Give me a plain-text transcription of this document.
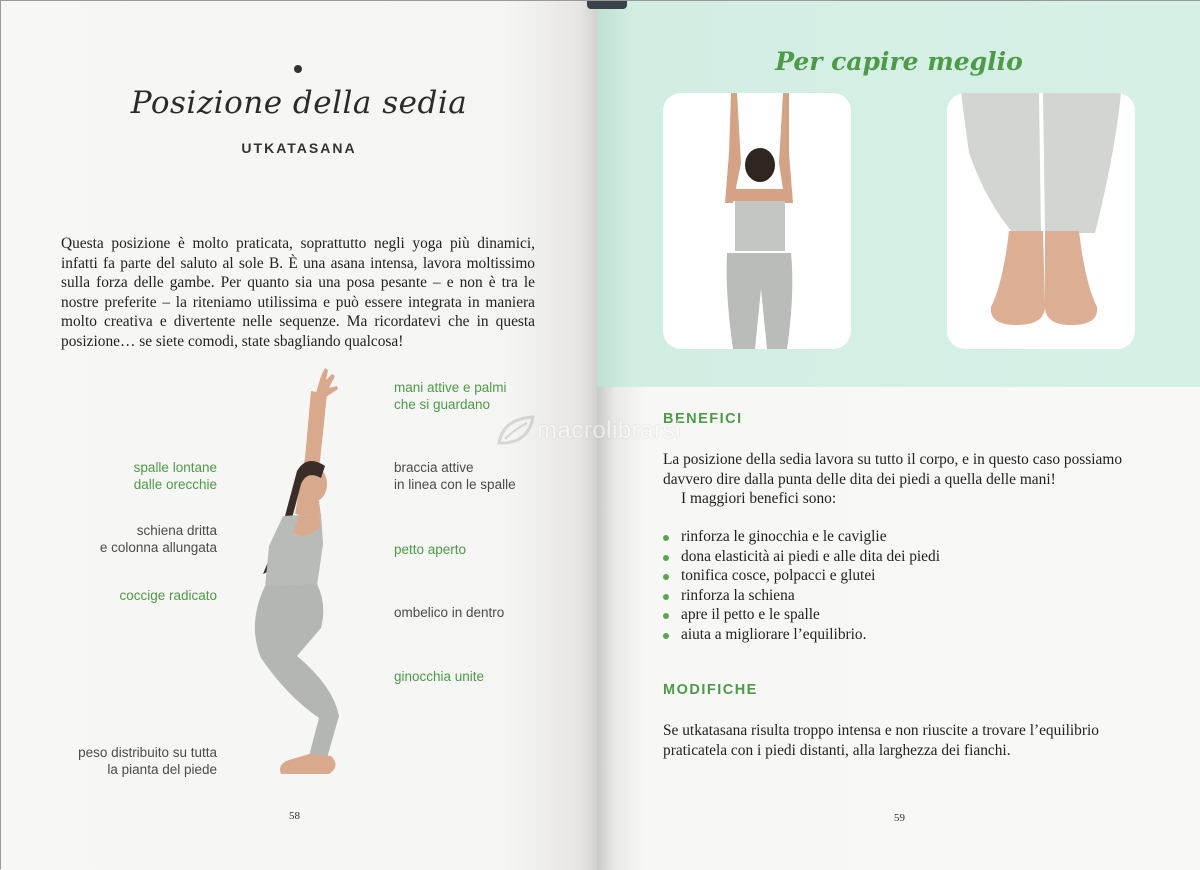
Posizione della sedia
UTKATASANA

Questa posizione è molto praticata, soprattutto negli yoga più dinamici, infatti fa parte del saluto al sole B. È una asana intensa, lavora moltissimo sulla forza delle gambe. Per quanto sia una posa pesante – e non è tra le nostre preferite – la riteniamo utilissima e può essere integrata in maniera molto creativa e divertente nelle sequenze. Ma ricordatevi che in questa posizione… se siete comodi, state sbagliando qualcosa!

mani attive e palmi
che si guardano
spalle lontane
dalle orecchie
braccia attive
in linea con le spalle
schiena dritta
e colonna allungata	petto aperto
coccige radicato
ombelico in dentro
ginocchia unite
peso distribuito su tutta
la pianta del piede
58
Per capire meglio
BENEFICI

La posizione della sedia lavora su tutto il corpo, e in questo caso possiamo davvero dire dalla punta delle dita dei piedi a quella delle mani!

I maggiori benefici sono:

rinforza le ginocchia e le caviglie
dona elasticità ai piedi e alle dita dei piedi
tonifica cosce, polpacci e glutei
rinforza la schiena
apre il petto e le spalle
aiuta a migliorare l’equilibrio.
MODIFICHE

Se utkatasana risulta troppo intensa e non riuscite a trovare l’equilibrio praticatela con i piedi distanti, alla larghezza dei fianchi.

59
macrolibrarsi
